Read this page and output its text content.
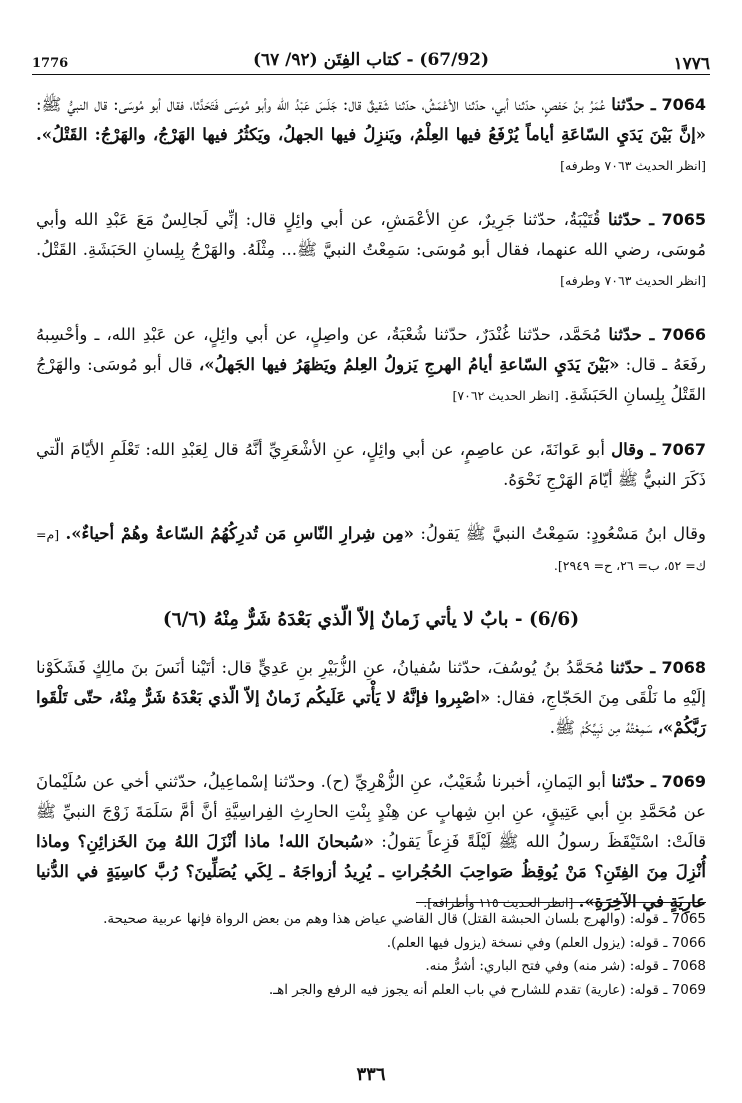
1776	(67/92) - كتاب الفِتَن (٩٢/ ٦٧)	١٧٧٦

7064 ـ حدّثنا عُمَرُ بنُ حَفصٍ، حدّثنا أبي، حدّثنا الأعْمَشُ، حدّثنا شَقيقٌ قال: جَلَسَ عَبْدُ الله وأبو مُوسَى فَتَحَدَّثا، فقال أبو مُوسَى: قال النبيُّ ﷺ: «إنَّ بَيْنَ يَدَيِ السّاعَةِ أياماً يُرْفَعُ فيها العِلْمُ، ويَنزِلُ فيها الجهلُ، ويَكثُرُ فيها الهَرْجُ، والهَرْجُ: القَتْلُ». [انظر الحديث ٧٠٦٣ وطرفه]

7065 ـ حدّثنا قُتَيْبَةُ، حدّثنا جَرِيرٌ، عنِ الأعْمَشِ، عن أبي وائِلٍ قال: إنِّي لَجالِسٌ مَعَ عَبْدِ الله وأبي مُوسَى، رضي الله عنهما، فقال أبو مُوسَى: سَمِعْتُ النبيَّ ﷺ... مِثْلَهُ. والهَرْجُ بِلِسانِ الحَبَشَةِ. القَتْلُ. [انظر الحديث ٧٠٦٣ وطرفه]

7066 ـ حدّثنا مُحَمَّد، حدّثنا غُنْدَرٌ، حدّثنا شُعْبَةُ، عن واصِلٍ، عن أبي وائِلٍ، عن عَبْدِ الله، ـ وأحْسِبهُ رفَعَهُ ـ قال: «بَيْنَ يَدَيِ السّاعةِ أيامُ الهرجِ يَزولُ العِلمُ ويَظهَرُ فيها الجَهلُ»، قال أبو مُوسَى: والهَرْجُ القَتْلُ بِلِسانِ الحَبَشَةِ. [انظر الحديث ٧٠٦٢]

7067 ـ وقال أبو عَوانَةَ، عن عاصِمٍ، عن أبي وائِلٍ، عنِ الأشْعَرِيِّ أنَّهُ قال لِعَبْدِ الله: تَعْلَمِ الأيّامَ الّتي ذَكَرَ النبيُّ ﷺ أيّامَ الهَرْجِ نَحْوَهُ.

وقال ابنُ مَسْعُودٍ: سَمِعْتُ النبيَّ ﷺ يَقولُ: «مِن شِرارِ النّاسِ مَن تُدرِكُهُمُ السّاعةُ وهُمْ أحياءٌ». [م= ك= ٥٢، ب= ٢٦، ح= ٢٩٤٩].

(6/6) - بابٌ لا يأتي زَمانٌ إلاّ الّذي بَعْدَهُ شَرٌّ مِنْهُ (٦/٦)

7068 ـ حدّثنا مُحَمَّدُ بنُ يُوسُفَ، حدّثنا سُفيانُ، عنِ الزُّبَيْرِ بنِ عَدِيٍّ قال: أتَيْنا أنَسَ بنَ مالِكٍ فَشَكَوْنا إلَيْهِ ما نَلْقَى مِنَ الحَجّاجِ، فقال: «اصْبِروا فإنَّهُ لا يَأْتي عَلَيكُم زَمانٌ إلاّ الّذي بَعْدَهُ شَرٌّ مِنْهُ، حتّى تَلْقَوا رَبَّكُمْ»، سَمِعْتُهُ مِن نَبِيِّكُمْ ﷺ.

7069 ـ حدّثنا أبو اليَمانِ، أخبرنا شُعَيْبٌ، عنِ الزُّهْرِيِّ (ح). وحدّثنا إسْماعِيلُ، حدّثني أخي عن سُلَيْمانَ عن مُحَمَّدِ بنِ أبي عَتِيقٍ، عنِ ابنِ شِهابٍ عن هِنْدٍ بِنْتِ الحارِثِ الفِراسِيَّةِ أنَّ أمَّ سَلَمَةَ زَوْجَ النبيِّ ﷺ قالَتْ: اسْتَيْقَظَ رسولُ الله ﷺ لَيْلَةً فَزِعاً يَقولُ: «سُبحانَ الله! ماذا أنْزَلَ اللهُ مِنَ الخَزائِنِ؟ وماذا أُنْزِلَ مِنَ الفِتَنِ؟ مَنْ يُوقِظُ صَواحِبَ الحُجُراتِ ـ يُرِيدُ أزواجَهُ ـ لِكَي يُصَلِّينَ؟ رُبَّ كاسِيَةٍ في الدُّنيا عارِيَةٍ في الآخِرَةِ». [انظر الحديث ١١٥ وأطرافه].

7065 ـ قوله: (والهرج بلسان الحبشة القتل) قال القاضي عياض هذا وهم من بعض الرواة فإنها عربية صحيحة.

7066 ـ قوله: (يزول العلم) وفي نسخة (يزول فيها العلم).

7068 ـ قوله: (شر منه) وفي فتح الباري: أشرُّ منه.

7069 ـ قوله: (عارية) تقدم للشارح في باب العلم أنه يجوز فيه الرفع والجر اهـ.

٣٣٦
